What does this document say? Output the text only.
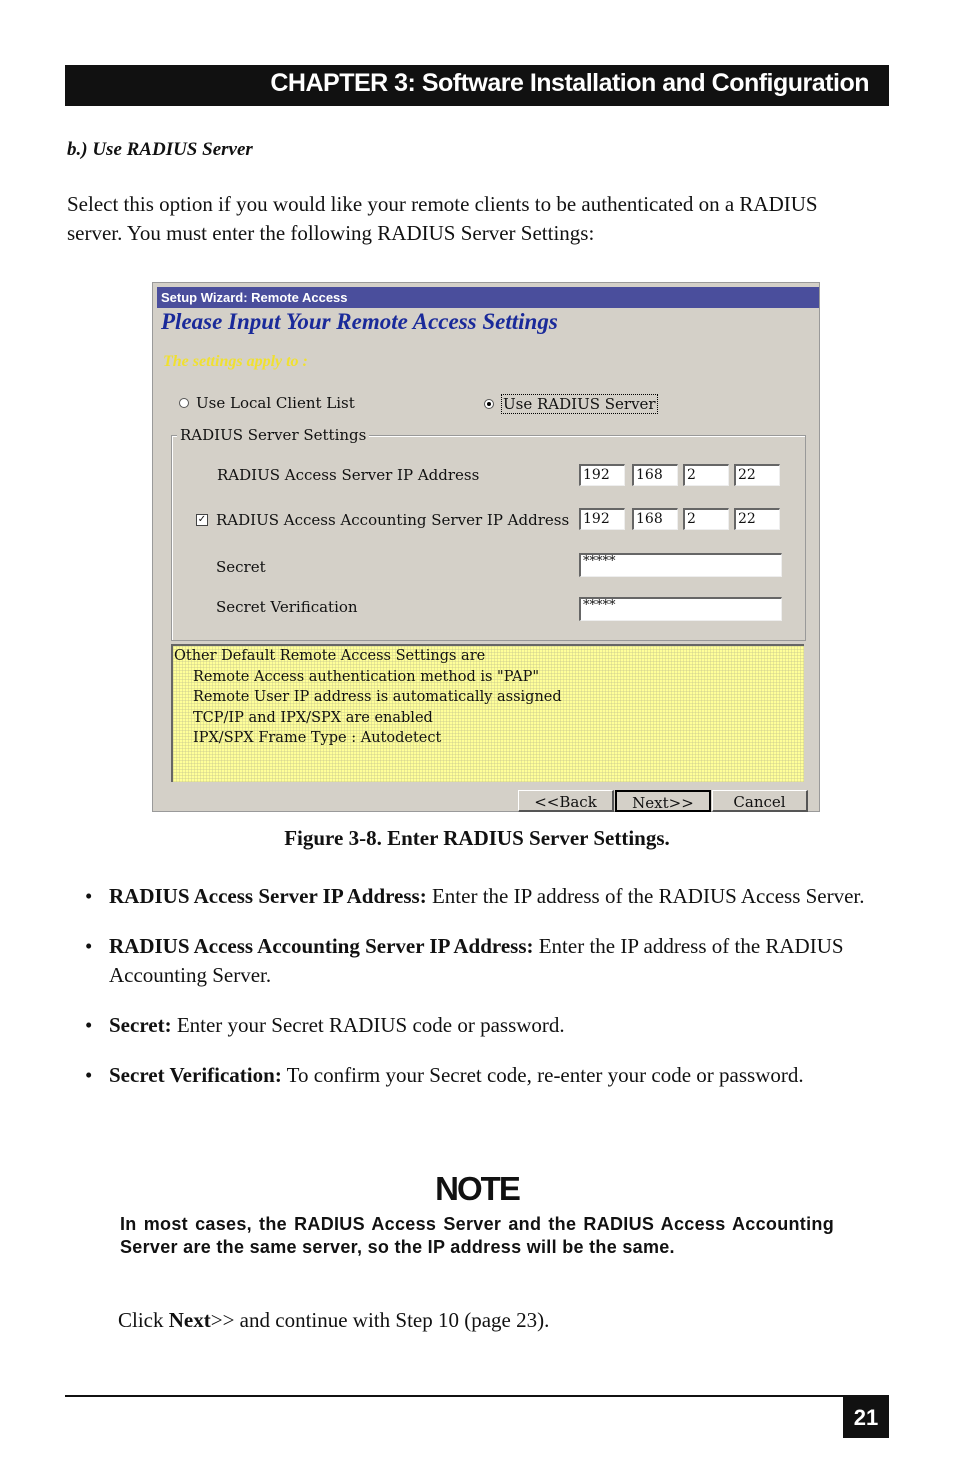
CHAPTER 3: Software Installation and Configuration
b.) Use RADIUS Server
Select this option if you would like your remote clients to be authenticated on a RADIUS server. You must enter the following RADIUS Server Settings:
Setup Wizard: Remote Access
Please Input Your Remote Access Settings
The settings apply to :
Use Local Client List	Use RADIUS Server
RADIUS Server Settings
RADIUS Access Server IP Address	192	168	2	22
✓ RADIUS Access Accounting Server IP Address 192	168	2	22
Secret	*****
Secret Verification	*****
Other Default Remote Access Settings are
Remote Access authentication method is "PAP"
Remote User IP address is automatically assigned
TCP/IP and IPX/SPX are enabled
IPX/SPX Frame Type : Autodetect
<<Back	Next>>	Cancel
Figure 3-8. Enter RADIUS Server Settings.
• RADIUS Access Server IP Address: Enter the IP address of the RADIUS Access Server.
• RADIUS Access Accounting Server IP Address: Enter the IP address of the RADIUS Accounting Server.
• Secret: Enter your Secret RADIUS code or password.
• Secret Verification: To confirm your Secret code, re-enter your code or password.
NOTE
In most cases, the RADIUS Access Server and the RADIUS Access Accounting Server are the same server, so the IP address will be the same.
Click Next>> and continue with Step 10 (page 23).
21
